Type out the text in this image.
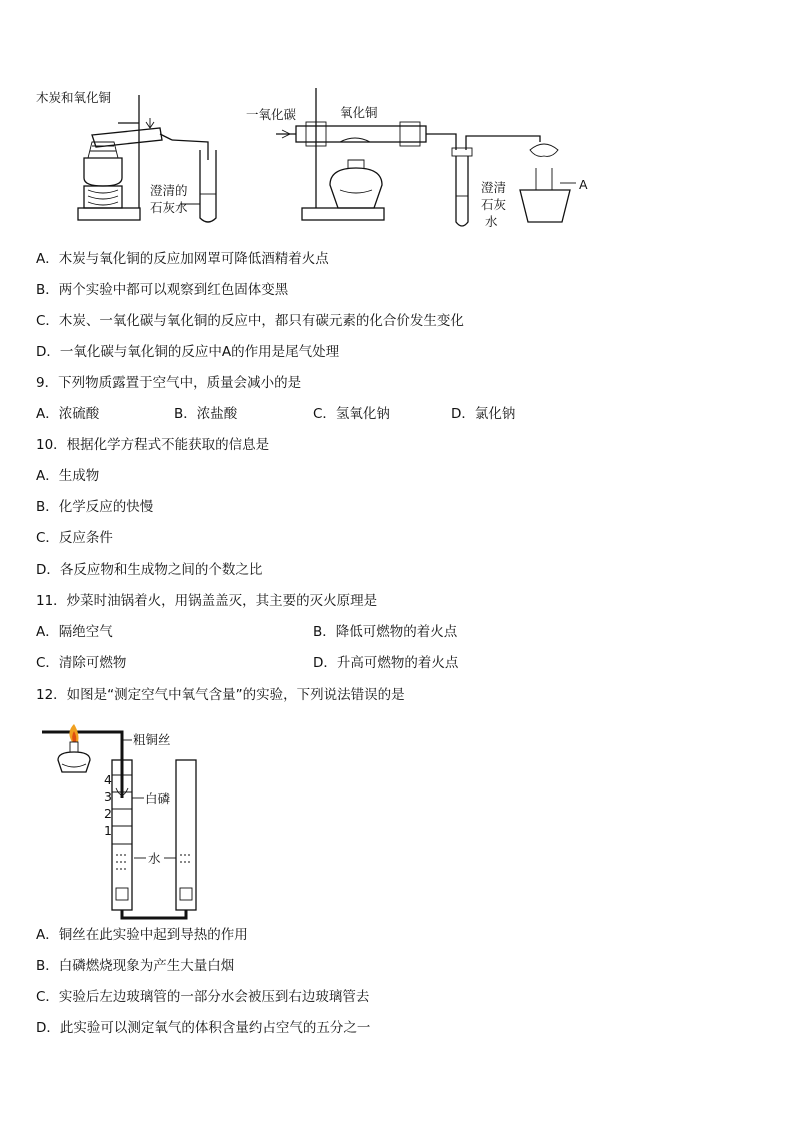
木炭和氧化铜
澄清的
石灰水
一氧化碳	氧化铜
澄清
石灰
水
A
A．木炭与氧化铜的反应加网罩可降低酒精着火点
B．两个实验中都可以观察到红色固体变黑
C．木炭、一氧化碳与氧化铜的反应中，都只有碳元素的化合价发生变化
D．一氧化碳与氧化铜的反应中A的作用是尾气处理
9．下列物质露置于空气中，质量会减小的是
A．浓硫酸	B．浓盐酸	C．氢氧化钠	D．氯化钠
10．根据化学方程式不能获取的信息是
A．生成物
B．化学反应的快慢
C．反应条件
D．各反应物和生成物之间的个数之比
11．炒菜时油锅着火，用锅盖盖灭，其主要的灭火原理是
A．隔绝空气	B．降低可燃物的着火点
C．清除可燃物	D．升高可燃物的着火点
12．如图是“测定空气中氧气含量”的实验，下列说法错误的是
粗铜丝
白磷
水
4
3
2
1
A．铜丝在此实验中起到导热的作用
B．白磷燃烧现象为产生大量白烟
C．实验后左边玻璃管的一部分水会被压到右边玻璃管去
D．此实验可以测定氧气的体积含量约占空气的五分之一
